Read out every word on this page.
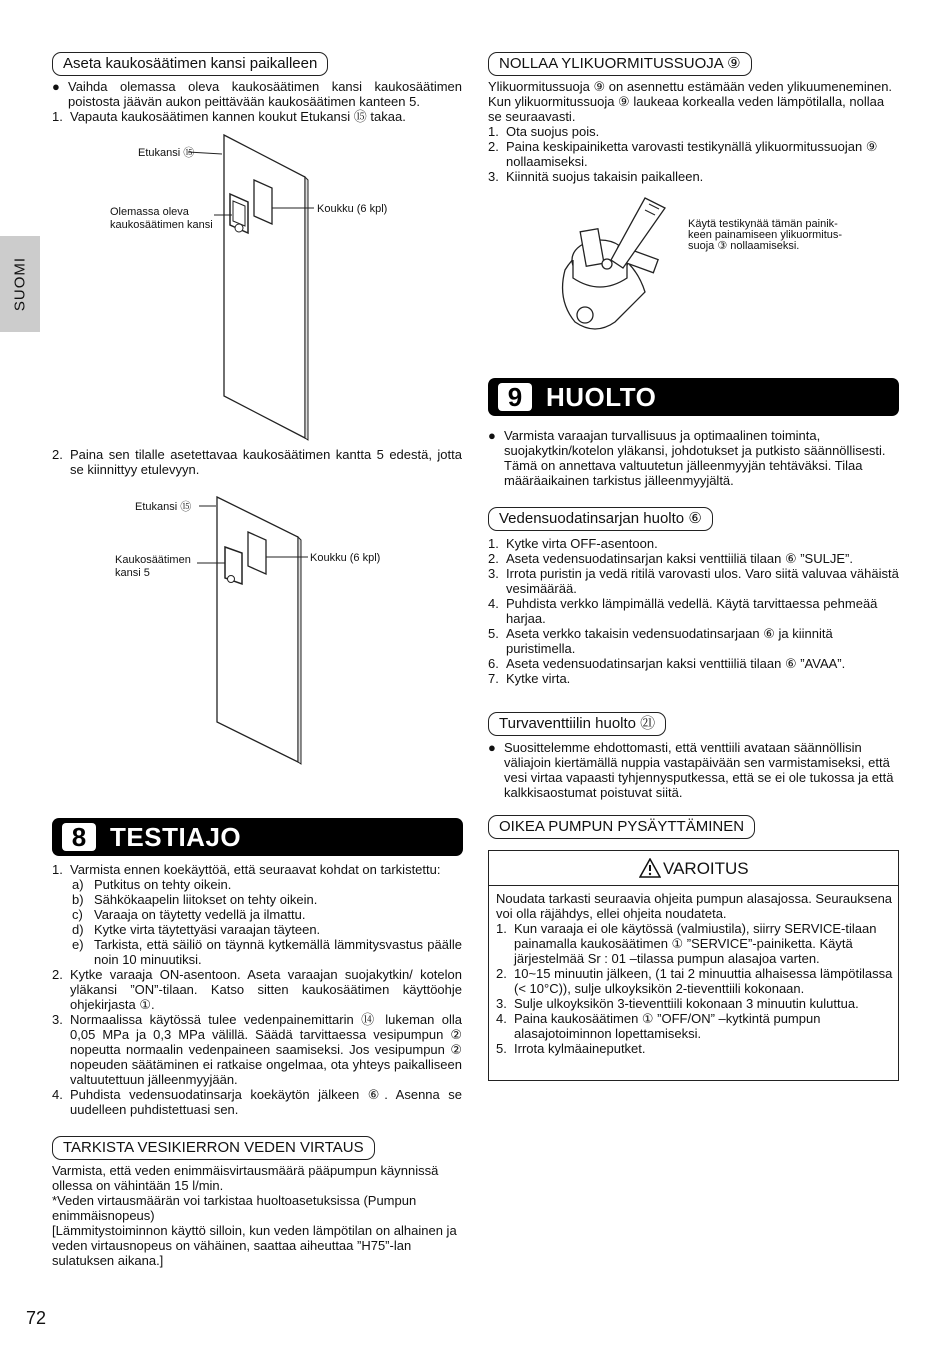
SUOMI
Aseta kaukosäätimen kansi paikalleen
● Vaihda olemassa oleva kaukosäätimen kansi kaukosäätimen poistosta jäävän aukon peittävään kaukosäätimen kanteen 5.
1. Vapauta kaukosäätimen kannen koukut Etukansi ⑮ takaa.
Etukansi ⑮
Olemassa oleva
kaukosäätimen kansi
Koukku (6 kpl)
2. Paina sen tilalle asetettavaa kaukosäätimen kantta 5 edestä, jotta se kiinnittyy etulevyyn.
Etukansi ⑮
Kaukosäätimen
kansi 5
Koukku (6 kpl)
8 TESTIAJO
1. Varmista ennen koekäyttöä, että seuraavat kohdat on tarkistettu:
a) Putkitus on tehty oikein.
b) Sähkökaapelin liitokset on tehty oikein.
c) Varaaja on täytetty vedellä ja ilmattu.
d) Kytke virta täytettyäsi varaajan täyteen.
e) Tarkista, että säiliö on täynnä kytkemällä lämmitysvastus päälle noin 10 minuutiksi.
2. Kytke varaaja ON-asentoon. Aseta varaajan suojakytkin/ kotelon yläkansi ”ON”-tilaan. Katso sitten kaukosäätimen käyttöohje ohjekirjasta ①.
3. Normaalissa käytössä tulee vedenpainemittarin ⑭ lukeman olla 0,05 MPa ja 0,3 MPa välillä. Säädä tarvittaessa vesipumpun ② nopeutta normaalin vedenpaineen saamiseksi. Jos vesipumpun ② nopeuden säätäminen ei ratkaise ongelmaa, ota yhteys paikalliseen valtuutettuun jälleenmyyjään.
4. Puhdista vedensuodatinsarja koekäytön jälkeen ⑥. Asenna se uudelleen puhdistettuasi sen.
TARKISTA VESIKIERRON VEDEN VIRTAUS
Varmista, että veden enimmäisvirtausmäärä pääpumpun käynnissä ollessa on vähintään 15 l/min.
*Veden virtausmäärän voi tarkistaa huoltoasetuksissa (Pumpun enimmäisnopeus)
[Lämmitystoiminnon käyttö silloin, kun veden lämpötilan on alhainen ja veden virtausnopeus on vähäinen, saattaa aiheuttaa ”H75”-lan sulatuksen aikana.]
72
NOLLAA YLIKUORMITUSSUOJA ⑨
Ylikuormitussuoja ⑨ on asennettu estämään veden ylikuumeneminen. Kun ylikuormitussuoja ⑨ laukeaa korkealla veden lämpötilalla, nollaa se seuraavasti.
1. Ota suojus pois.
2. Paina keskipainiketta varovasti testikynällä ylikuormitussuojan ⑨ nollaamiseksi.
3. Kiinnitä suojus takaisin paikalleen.
Käytä testikynää tämän painik-
keen painamiseen ylikuormitus-
suoja ③ nollaamiseksi.
9 HUOLTO
● Varmista varaajan turvallisuus ja optimaalinen toiminta, suojakytkin/kotelon yläkansi, johdotukset ja putkisto säännöllisesti. Tämä on annettava valtuutetun jälleenmyyjän tehtäväksi. Tilaa määräaikainen tarkistus jälleenmyyjältä.
Vedensuodatinsarjan huolto ⑥
1. Kytke virta OFF-asentoon.
2. Aseta vedensuodatinsarjan kaksi venttiiliä tilaan ⑥ ”SULJE”.
3. Irrota puristin ja vedä ritilä varovasti ulos. Varo siitä valuvaa vähäistä vesimäärää.
4. Puhdista verkko lämpimällä vedellä. Käytä tarvittaessa pehmeää harjaa.
5. Aseta verkko takaisin vedensuodatinsarjaan ⑥ ja kiinnitä puristimella.
6. Aseta vedensuodatinsarjan kaksi venttiiliä tilaan ⑥ ”AVAA”.
7. Kytke virta.
Turvaventtiilin huolto ㉑
● Suosittelemme ehdottomasti, että venttiili avataan säännöllisin väliajoin kiertämällä nuppia vastapäivään sen varmistamiseksi, että vesi virtaa vapaasti tyhjennysputkessa, että se ei ole tukossa ja että kalkkisaostumat poistuvat siitä.
OIKEA PUMPUN PYSÄYTTÄMINEN
VAROITUS
Noudata tarkasti seuraavia ohjeita pumpun alasajossa. Seurauksena voi olla räjähdys, ellei ohjeita noudateta.
1. Kun varaaja ei ole käytössä (valmiustila), siirry SERVICE-tilaan painamalla kaukosäätimen ① ”SERVICE”-painiketta. Käytä järjestelmää Sr : 01 –tilassa pumpun alasajoa varten.
2. 10~15 minuutin jälkeen, (1 tai 2 minuuttia alhaisessa lämpötilassa (< 10°C)), sulje ulkoyksikön 2-tieventtiili kokonaan.
3. Sulje ulkoyksikön 3-tieventtiili kokonaan 3 minuutin kuluttua.
4. Paina kaukosäätimen ① ”OFF/ON” –kytkintä pumpun alasajotoiminnon lopettamiseksi.
5. Irrota kylmäaineputket.
